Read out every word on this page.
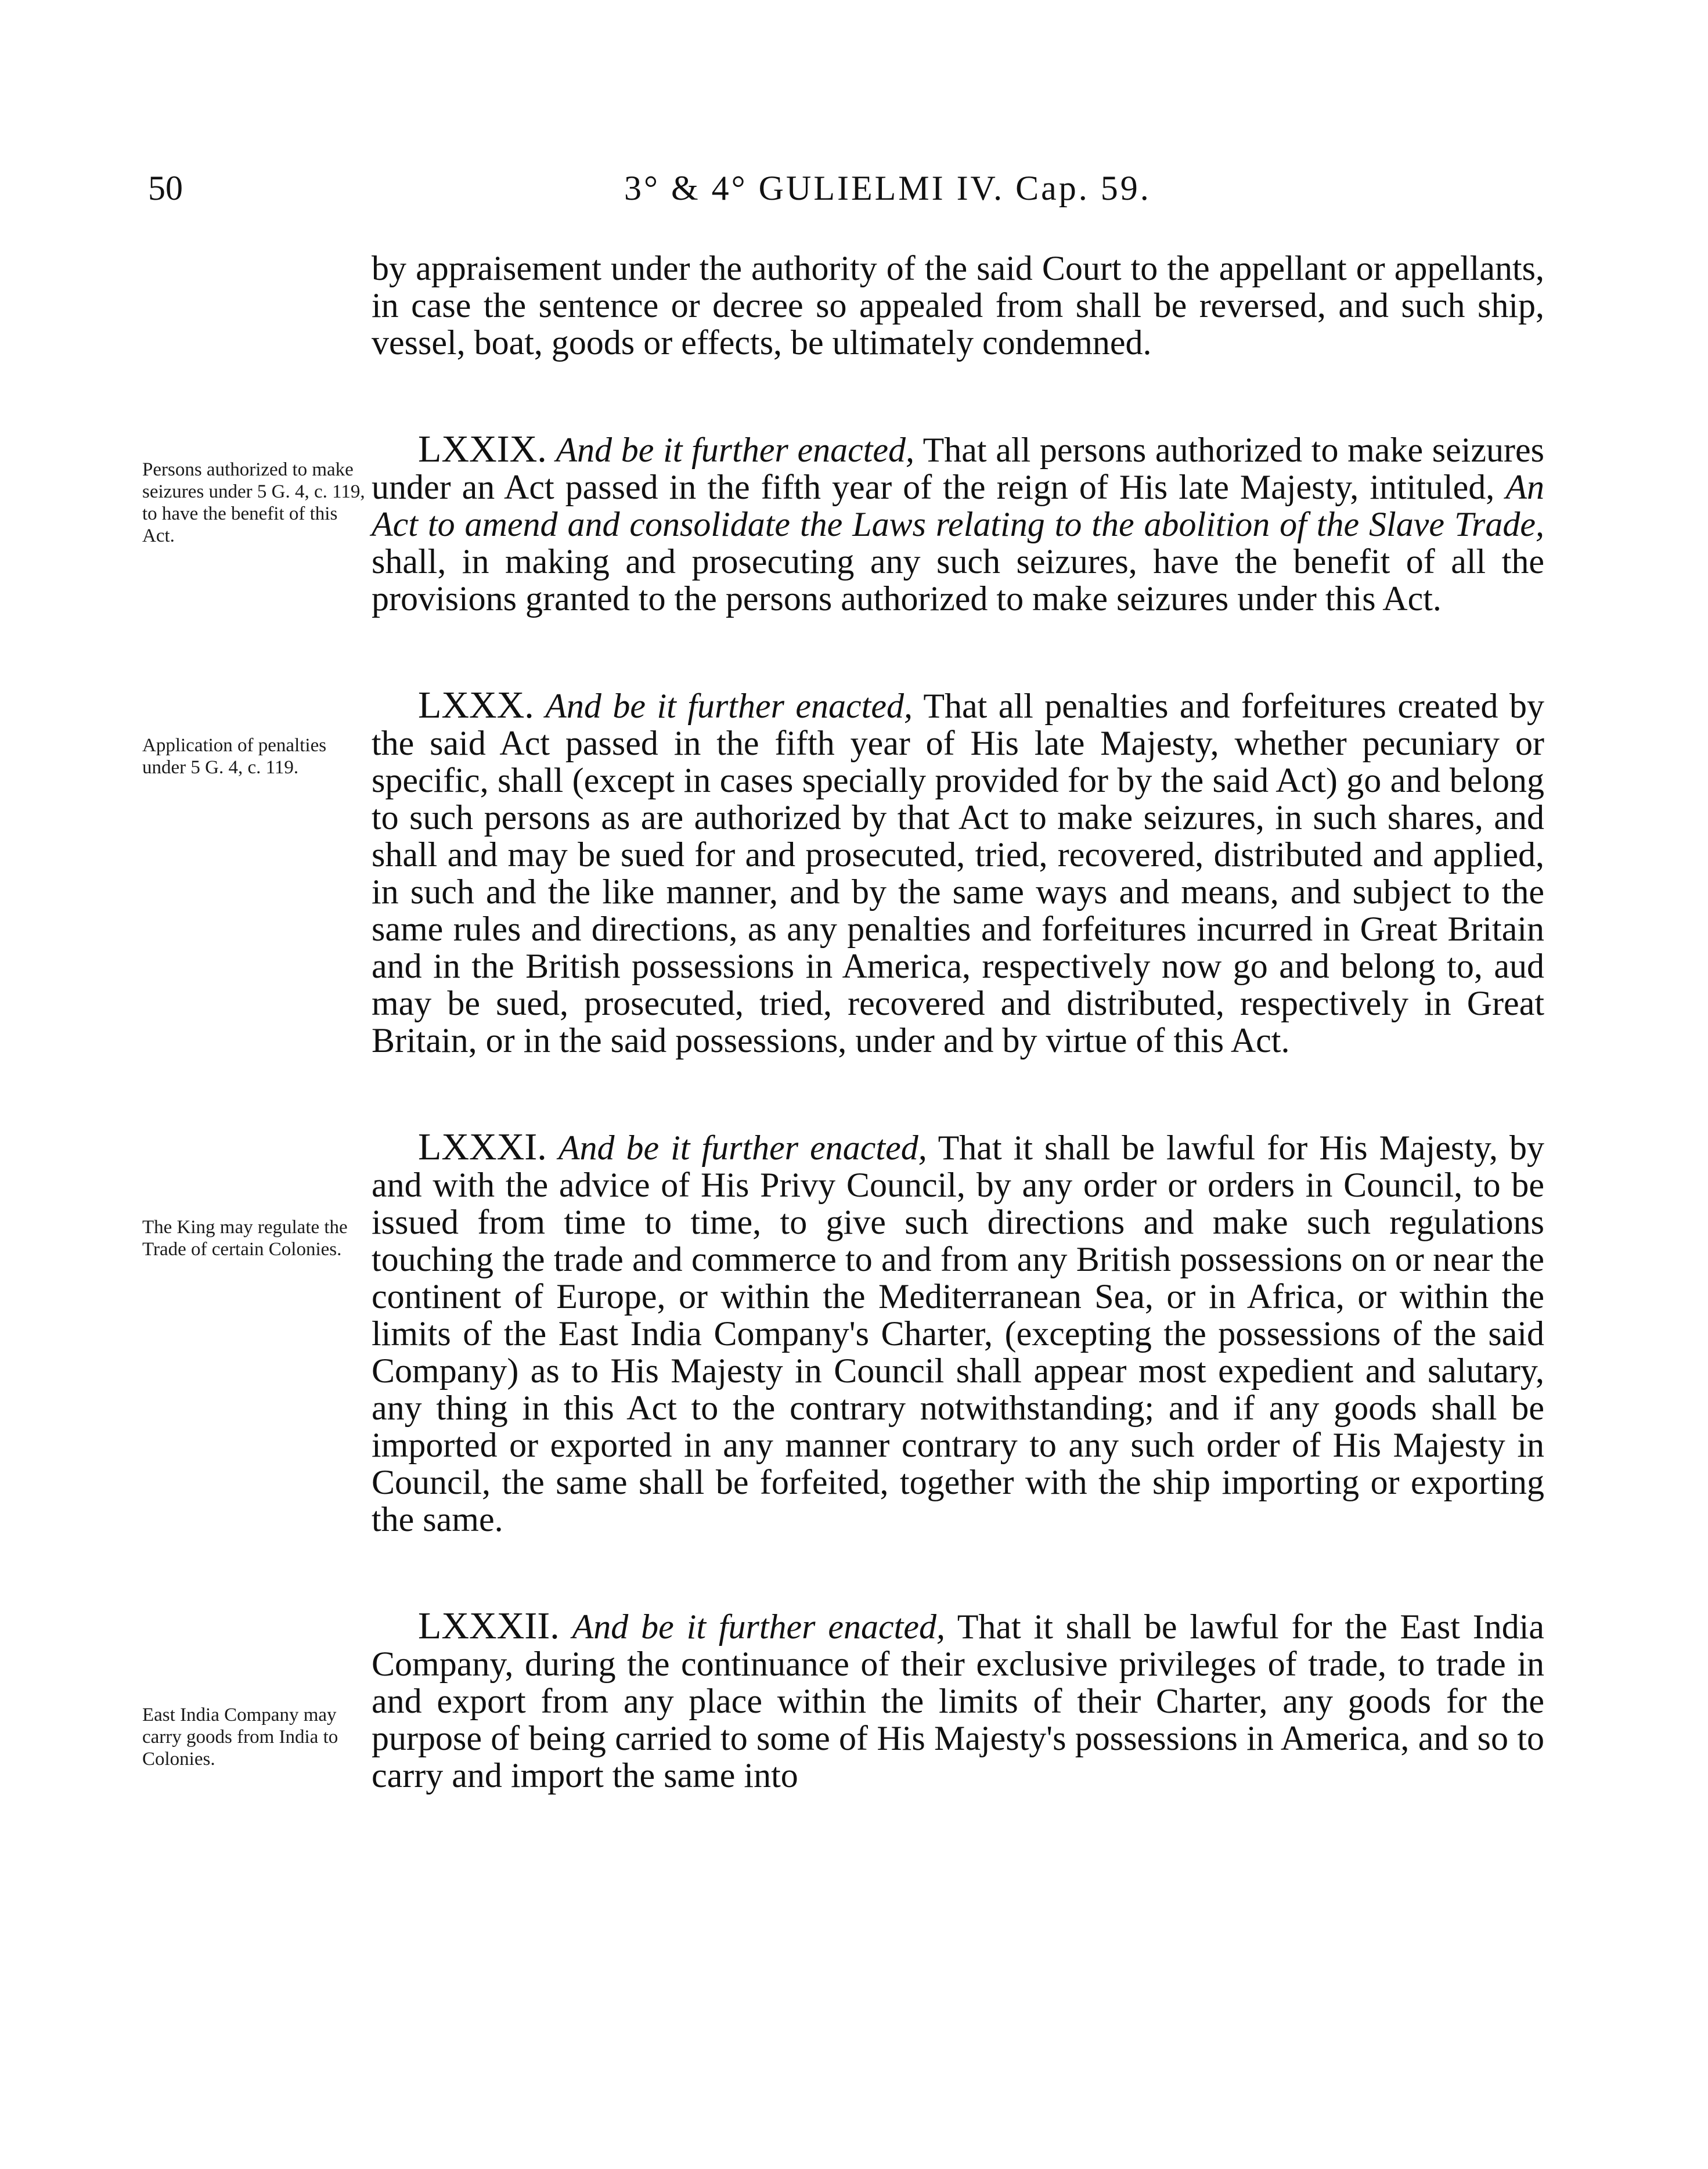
50	3° & 4° GULIELMI IV. Cap. 59.
Persons authorized to make seizures under 5 G. 4, c. 119, to have the benefit of this Act.
Application of penalties under 5 G. 4, c. 119.
The King may regulate the Trade of certain Colonies.
East India Company may carry goods from India to Colonies.

by appraisement under the authority of the said Court to the appellant or appellants, in case the sentence or decree so appealed from shall be reversed, and such ship, vessel, boat, goods or effects, be ultimately condemned.

LXXIX. And be it further enacted, That all persons authorized to make seizures under an Act passed in the fifth year of the reign of His late Majesty, intituled, An Act to amend and consolidate the Laws relating to the abolition of the Slave Trade, shall, in making and prosecuting any such seizures, have the benefit of all the provisions granted to the persons authorized to make seizures under this Act.

LXXX. And be it further enacted, That all penalties and forfeitures created by the said Act passed in the fifth year of His late Majesty, whether pecuniary or specific, shall (except in cases specially provided for by the said Act) go and belong to such persons as are authorized by that Act to make seizures, in such shares, and shall and may be sued for and prosecuted, tried, recovered, distributed and applied, in such and the like manner, and by the same ways and means, and subject to the same rules and directions, as any penalties and forfeitures incurred in Great Britain and in the British possessions in America, respectively now go and belong to, aud may be sued, prosecuted, tried, recovered and distributed, respectively in Great Britain, or in the said possessions, under and by virtue of this Act.

LXXXI. And be it further enacted, That it shall be lawful for His Majesty, by and with the advice of His Privy Council, by any order or orders in Council, to be issued from time to time, to give such directions and make such regulations touching the trade and commerce to and from any British possessions on or near the continent of Europe, or within the Mediterranean Sea, or in Africa, or within the limits of the East India Company's Charter, (excepting the possessions of the said Company) as to His Majesty in Council shall appear most expedient and salutary, any thing in this Act to the contrary notwithstanding; and if any goods shall be imported or exported in any manner contrary to any such order of His Majesty in Council, the same shall be forfeited, together with the ship importing or exporting the same.

LXXXII. And be it further enacted, That it shall be lawful for the East India Company, during the continuance of their exclusive privileges of trade, to trade in and export from any place within the limits of their Charter, any goods for the purpose of being carried to some of His Majesty's possessions in America, and so to carry and import the same into
